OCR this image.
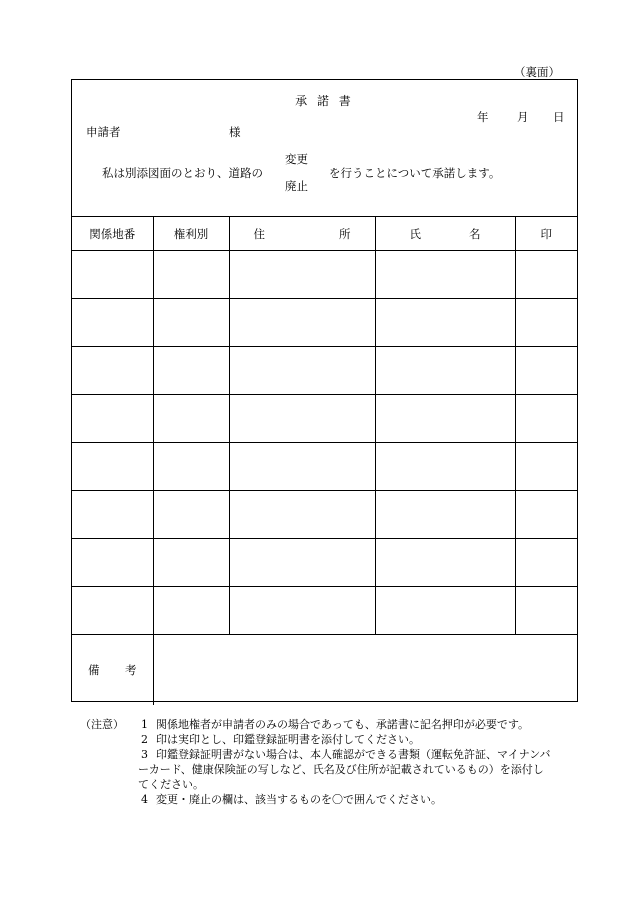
（裏面）
承 諾 書
年 月 日
申請者	様
私は別添図面のとおり、道路の
変更
廃止
を行うことについて承諾します。
関係地番	権利別	住 所	氏 名	印

備 考				

（注意）	1 関係地権者が申請者のみの場合であっても、承諾書に記名押印が必要です。
2 印は実印とし、印鑑登録証明書を添付してください。
3 印鑑登録証明書がない場合は、本人確認ができる書類（運転免許証、マイナンバ
ーカード、健康保険証の写しなど、氏名及び住所が記載されているもの）を添付し
てください。
4 変更・廃止の欄は、該当するものを〇で囲んでください。
